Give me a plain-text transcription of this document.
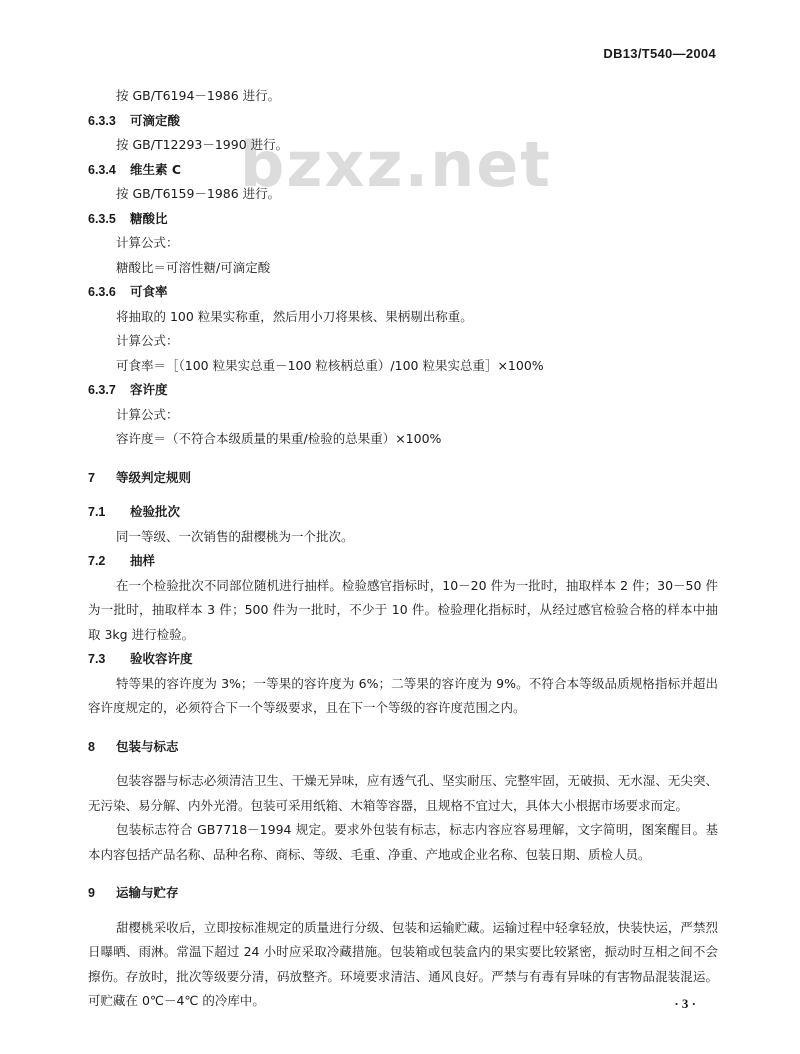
DB13/T540—2004
bzxz.net
按 GB/T6194－1986 进行。
6.3.3 可滴定酸
按 GB/T12293－1990 进行。
6.3.4 维生素 C
按 GB/T6159－1986 进行。
6.3.5 糖酸比
计算公式：
糖酸比＝可溶性糖/可滴定酸
6.3.6 可食率
将抽取的 100 粒果实称重，然后用小刀将果核、果柄剔出称重。
计算公式：
可食率＝［（100 粒果实总重－100 粒核柄总重）/100 粒果实总重］×100%
6.3.7 容许度
计算公式：
容许度＝（不符合本级质量的果重/检验的总果重）×100%
7 等级判定规则
7.1 检验批次
同一等级、一次销售的甜樱桃为一个批次。
7.2 抽样
在一个检验批次不同部位随机进行抽样。检验感官指标时，10－20 件为一批时，抽取样本 2 件；30－50 件为一批时，抽取样本 3 件；500 件为一批时，不少于 10 件。检验理化指标时，从经过感官检验合格的样本中抽取 3kg 进行检验。
7.3 验收容许度
特等果的容许度为 3%；一等果的容许度为 6%；二等果的容许度为 9%。不符合本等级品质规格指标并超出容许度规定的，必须符合下一个等级要求，且在下一个等级的容许度范围之内。
8 包装与标志
包装容器与标志必须清洁卫生、干燥无异味，应有透气孔、坚实耐压、完整牢固，无破损、无水湿、无尖突、无污染、易分解、内外光滑。包装可采用纸箱、木箱等容器，且规格不宜过大，具体大小根据市场要求而定。
包装标志符合 GB7718－1994 规定。要求外包装有标志，标志内容应容易理解，文字简明，图案醒目。基本内容包括产品名称、品种名称、商标、等级、毛重、净重、产地或企业名称、包装日期、质检人员。
9 运输与贮存
甜樱桃采收后，立即按标准规定的质量进行分级、包装和运输贮藏。运输过程中轻拿轻放，快装快运，严禁烈日曝晒、雨淋。常温下超过 24 小时应采取冷藏措施。包装箱或包装盒内的果实要比较紧密，振动时互相之间不会擦伤。存放时，批次等级要分清，码放整齐。环境要求清洁、通风良好。严禁与有毒有异味的有害物品混装混运。可贮藏在 0℃－4℃ 的冷库中。	· 3 ·
